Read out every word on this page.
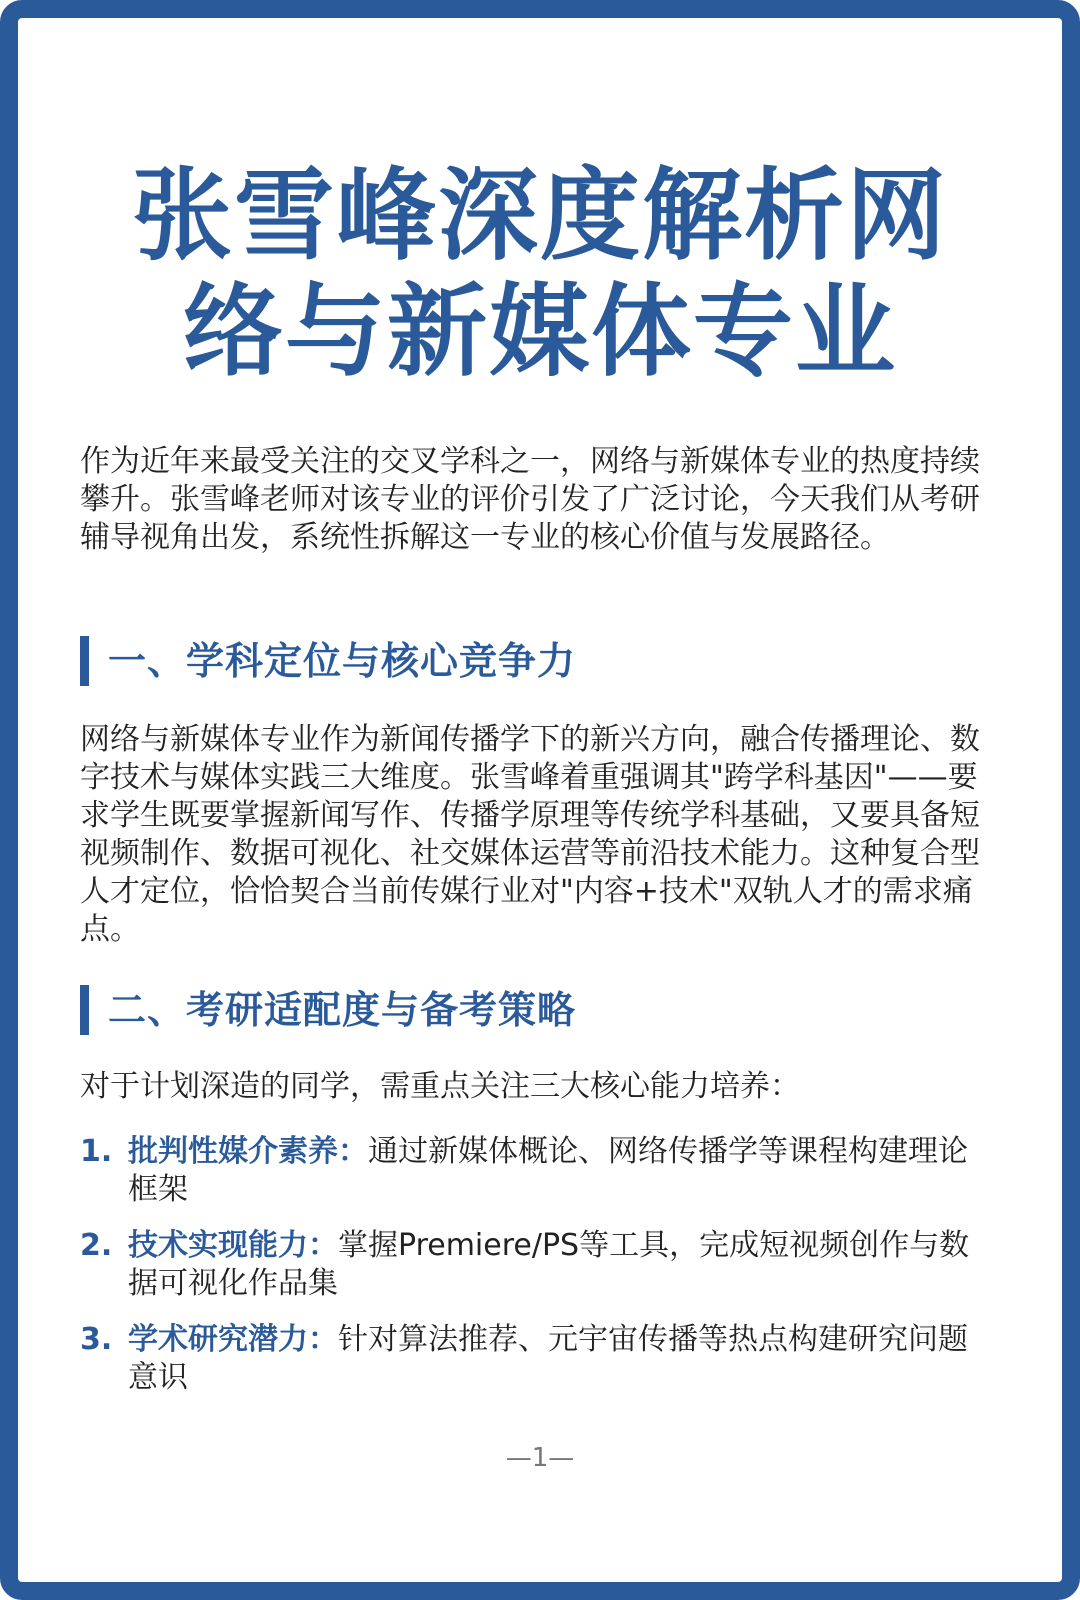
张雪峰深度解析网
络与新媒体专业
作为近年来最受关注的交叉学科之一，网络与新媒体专业的热度持续攀升。张雪峰老师对该专业的评价引发了广泛讨论，今天我们从考研辅导视角出发，系统性拆解这一专业的核心价值与发展路径。
一、学科定位与核心竞争力
网络与新媒体专业作为新闻传播学下的新兴方向，融合传播理论、数字技术与媒体实践三大维度。张雪峰着重强调其"跨学科基因"——要求学生既要掌握新闻写作、传播学原理等传统学科基础，又要具备短视频制作、数据可视化、社交媒体运营等前沿技术能力。这种复合型人才定位，恰恰契合当前传媒行业对"内容+技术"双轨人才的需求痛点。
二、考研适配度与备考策略
对于计划深造的同学，需重点关注三大核心能力培养：
1. 批判性媒介素养：通过新媒体概论、网络传播学等课程构建理论框架
2. 技术实现能力：掌握Premiere/PS等工具，完成短视频创作与数据可视化作品集
3. 学术研究潜力：针对算法推荐、元宇宙传播等热点构建研究问题意识
—1—
